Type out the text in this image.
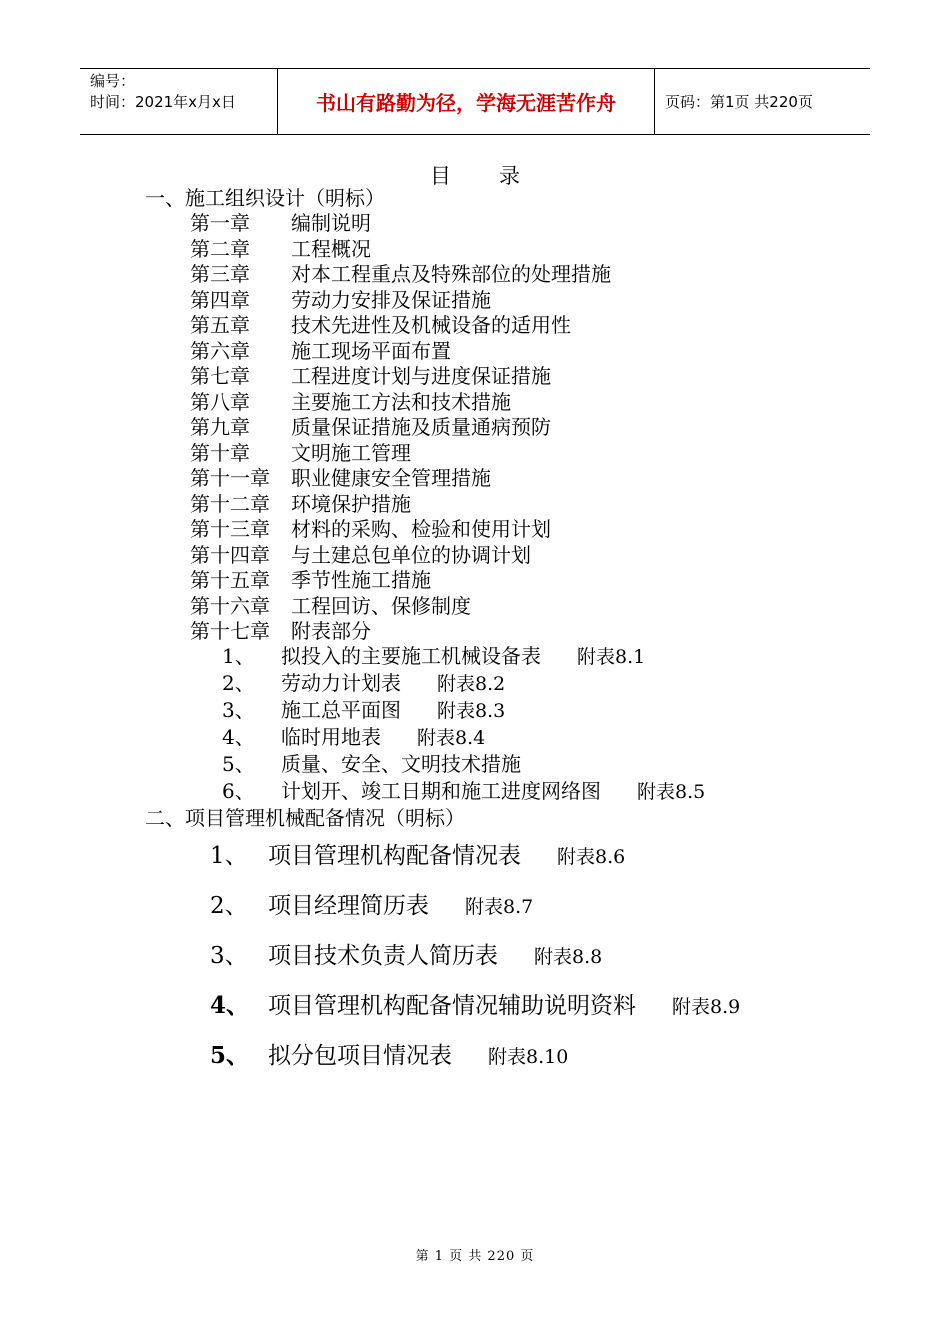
编号：
时间：2021年x月x日	书山有路勤为径，学海无涯苦作舟	页码：第1页 共220页
目 录
一、施工组织设计（明标）
第一章 编制说明
第二章 工程概况
第三章 对本工程重点及特殊部位的处理措施
第四章 劳动力安排及保证措施
第五章 技术先进性及机械设备的适用性
第六章 施工现场平面布置
第七章 工程进度计划与进度保证措施
第八章 主要施工方法和技术措施
第九章 质量保证措施及质量通病预防
第十章 文明施工管理
第十一章 职业健康安全管理措施
第十二章 环境保护措施
第十三章 材料的采购、检验和使用计划
第十四章 与土建总包单位的协调计划
第十五章 季节性施工措施
第十六章 工程回访、保修制度
第十七章 附表部分
1、 拟投入的主要施工机械设备表 附表8.1
2、 劳动力计划表 附表8.2
3、 施工总平面图 附表8.3
4、 临时用地表 附表8.4
5、 质量、安全、文明技术措施
6、 计划开、竣工日期和施工进度网络图 附表8.5
二、项目管理机械配备情况（明标）
1、 项目管理机构配备情况表 附表8.6
2、 项目经理简历表 附表8.7
3、 项目技术负责人简历表 附表8.8
4、 项目管理机构配备情况辅助说明资料 附表8.9
5、 拟分包项目情况表 附表8.10
第 1 页 共 220 页
